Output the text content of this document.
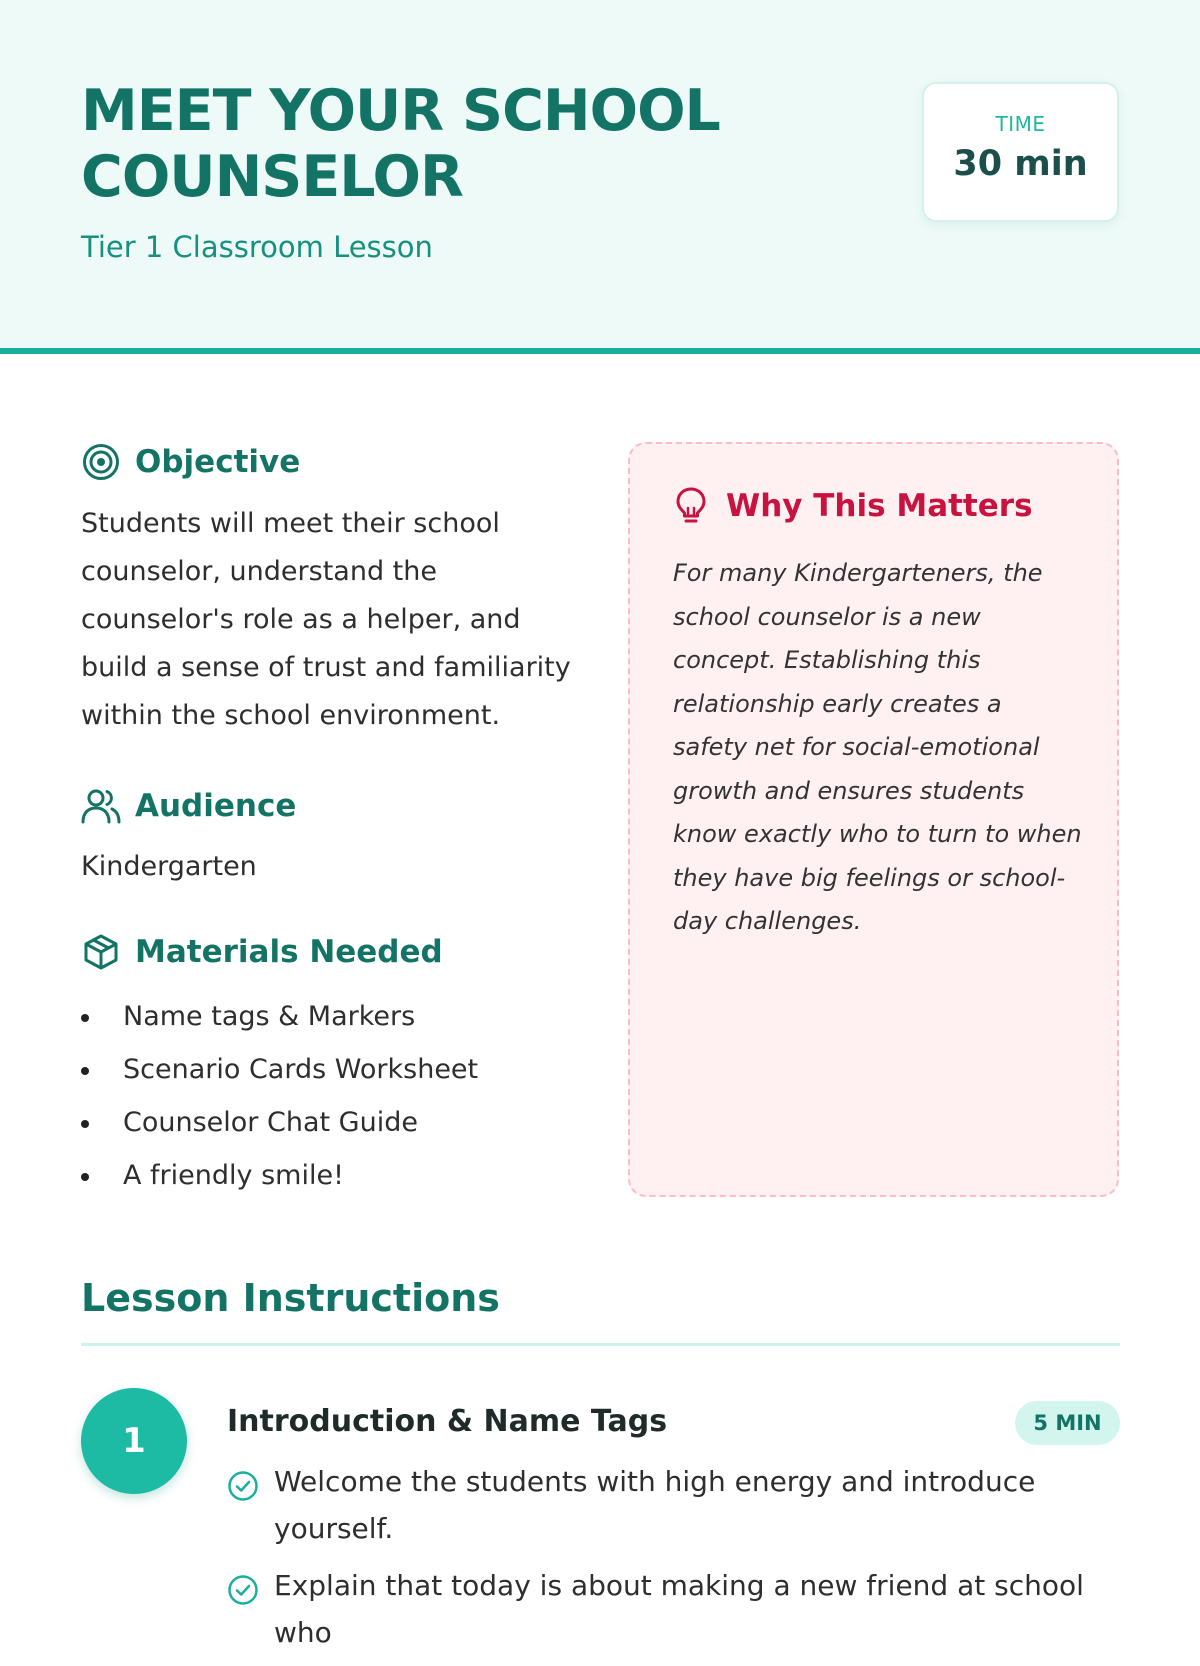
MEET YOUR SCHOOL COUNSELOR
Tier 1 Classroom Lesson
TIME
30 min
Objective
Students will meet their school counselor, understand the counselor's role as a helper, and build a sense of trust and familiarity within the school environment.
Audience
Kindergarten
Materials Needed
Name tags & Markers
Scenario Cards Worksheet
Counselor Chat Guide
A friendly smile!
Why This Matters
For many Kindergarteners, the school counselor is a new concept. Establishing this relationship early creates a safety net for social-emotional growth and ensures students know exactly who to turn to when they have big feelings or school-day challenges.
Lesson Instructions
1	Introduction & Name Tags	5 MIN
Welcome the students with high energy and introduce yourself.
Explain that today is about making a new friend at school who
